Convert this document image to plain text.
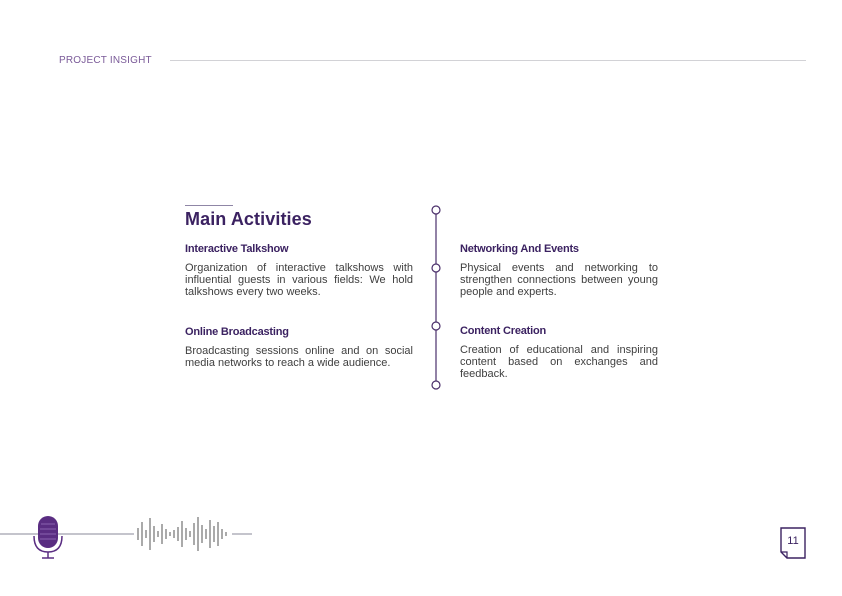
PROJECT INSIGHT
Main Activities
Interactive Talkshow
Organization of interactive talkshows with influential guests in various fields: We hold talkshows every two weeks.
Networking And Events
Physical events and networking to strengthen connections between young people and experts.
Online Broadcasting
Broadcasting sessions online and on social media networks to reach a wide audience.
Content Creation
Creation of educational and inspiring content based on exchanges and feedback.
11
